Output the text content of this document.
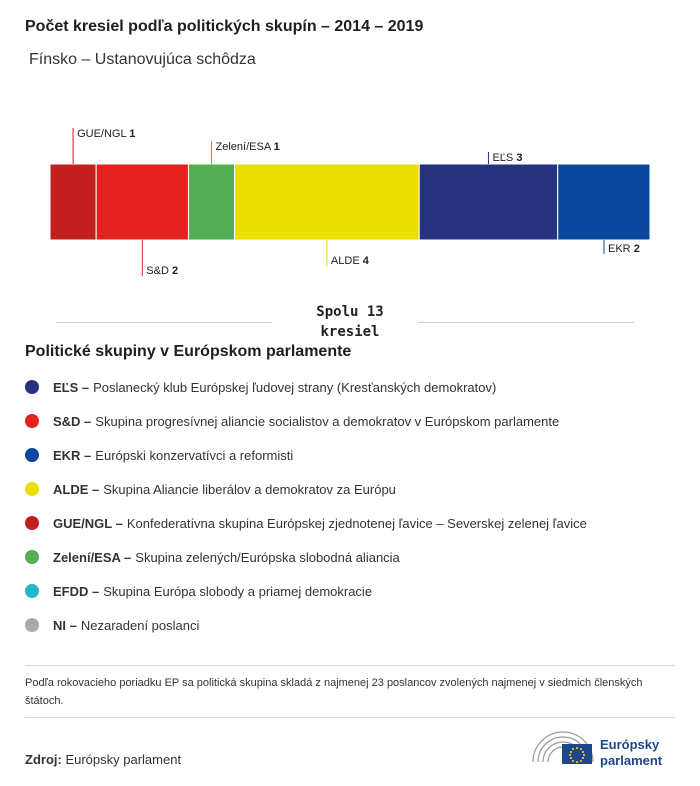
Počet kresiel podľa politických skupín – 2014 – 2019
Fínsko – Ustanovujúca schôdza
GUE/NGL 1
S&D 2
Zelení/ESA 1
ALDE 4
EĽS 3
EKR 2
Spolu 13
kresiel
Politické skupiny v Európskom parlamente
EĽS – Poslanecký klub Európskej ľudovej strany (Kresťanských demokratov)
S&D – Skupina progresívnej aliancie socialistov a demokratov v Európskom parlamente
EKR – Európski konzervatívci a reformisti
ALDE – Skupina Aliancie liberálov a demokratov za Európu
GUE/NGL – Konfederatívna skupina Európskej zjednotenej ľavice – Severskej zelenej ľavice
Zelení/ESA – Skupina zelených/Európska slobodná aliancia
EFDD – Skupina Európa slobody a priamej demokracie
NI – Nezaradení poslanci
Podľa rokovacieho poriadku EP sa politická skupina skladá z najmenej 23 poslancov zvolených najmenej v siedmich členských štátoch.
Zdroj: Európsky parlament
Európsky
parlament
